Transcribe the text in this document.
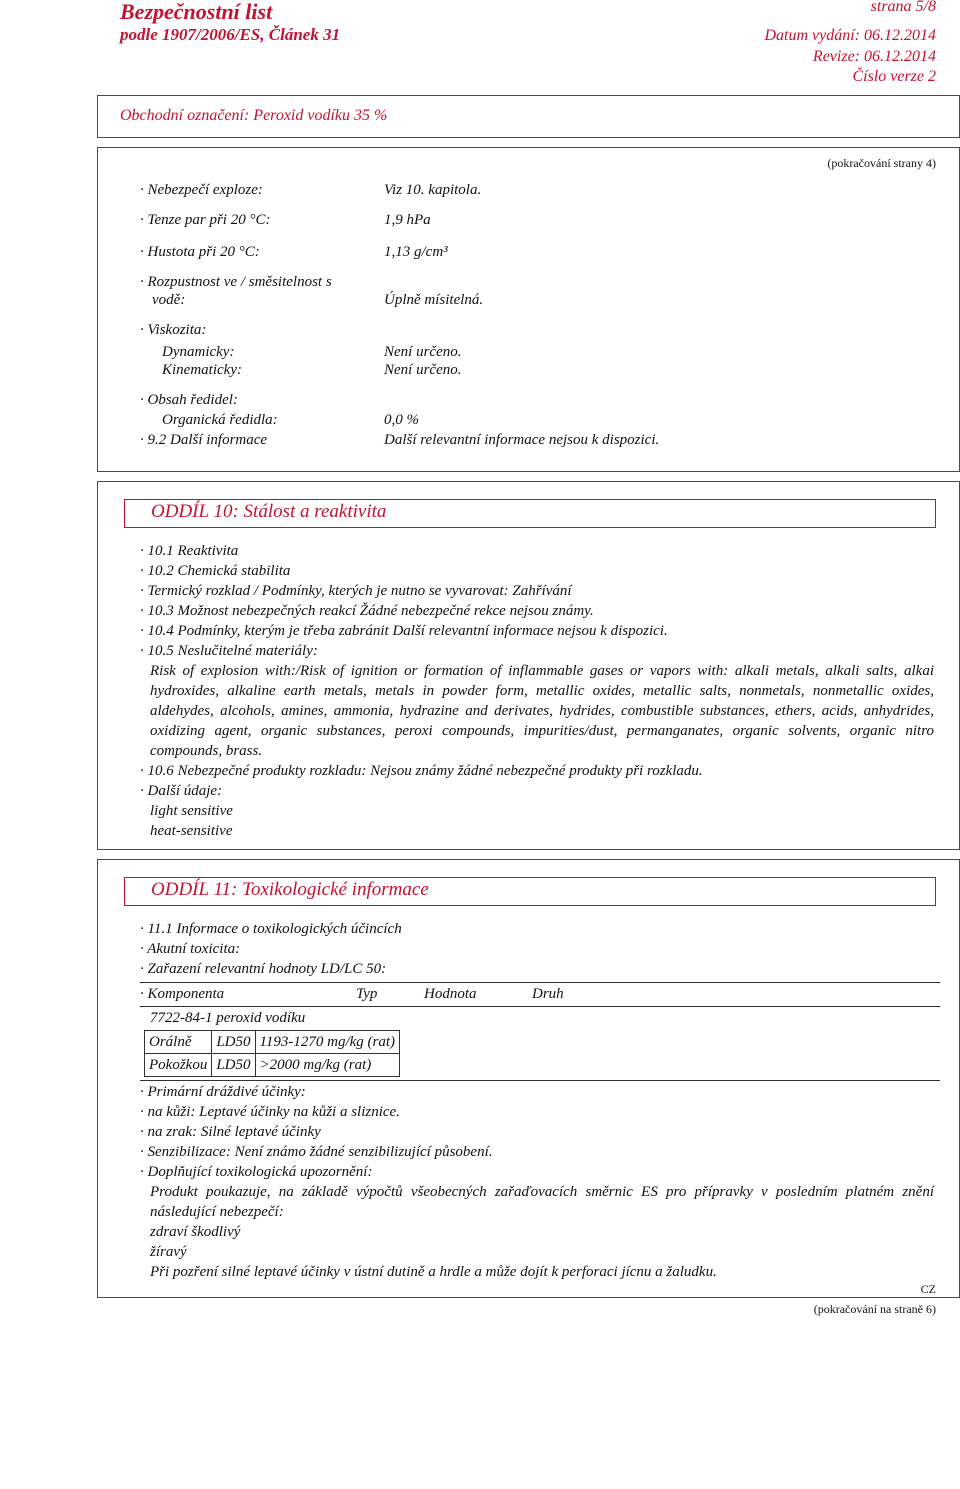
Bezpečnostní list
podle 1907/2006/ES, Článek 31
strana 5/8
Datum vydání: 06.12.2014
Revize: 06.12.2014
Číslo verze 2
Obchodní označení: Peroxid vodíku 35 %
(pokračování strany 4)
· Nebezpečí exploze:	Viz 10. kapitola.
· Tenze par při 20 °C:	1,9 hPa
· Hustota při 20 °C:	1,13 g/cm³
· Rozpustnost ve / směsitelnost s
vodě:	Úplně mísitelná.
· Viskozita:
Dynamicky:	Není určeno.
Kinematicky:	Není určeno.
· Obsah ředidel:
Organická ředidla:	0,0 %
· 9.2 Další informace	Další relevantní informace nejsou k dispozici.
ODDÍL 10: Stálost a reaktivita
· 10.1 Reaktivita
· 10.2 Chemická stabilita
· Termický rozklad / Podmínky, kterých je nutno se vyvarovat: Zahřívání
· 10.3 Možnost nebezpečných reakcí Žádné nebezpečné rekce nejsou známy.
· 10.4 Podmínky, kterým je třeba zabránit Další relevantní informace nejsou k dispozici.
· 10.5 Neslučitelné materiály:
Risk of explosion with:/Risk of ignition or formation of inflammable gases or vapors with: alkali metals, alkali salts, alkai hydroxides, alkaline earth metals, metals in powder form, metallic oxides, metallic salts, nonmetals, nonmetallic oxides, aldehydes, alcohols, amines, ammonia, hydrazine and derivates, hydrides, combustible substances, ethers, acids, anhydrides, oxidizing agent, organic substances, peroxi compounds, impurities/dust, permanganates, organic solvents, organic nitro compounds, brass.
· 10.6 Nebezpečné produkty rozkladu: Nejsou známy žádné nebezpečné produkty při rozkladu.
· Další údaje:
light sensitive
heat-sensitive
ODDÍL 11: Toxikologické informace
· 11.1 Informace o toxikologických účincích
· Akutní toxicita:
· Zařazení relevantní hodnoty LD/LC 50:
· Komponenta	Typ	Hodnota	Druh
7722-84-1 peroxid vodíku
Orálně	LD50	1193-1270 mg/kg (rat)
Pokožkou	LD50	>2000 mg/kg (rat)
· Primární dráždivé účinky:
· na kůži: Leptavé účinky na kůži a sliznice.
· na zrak: Silné leptavé účinky
· Senzibilizace: Není známo žádné senzibilizující působení.
· Doplňující toxikologická upozornění:
Produkt poukazuje, na základě výpočtů všeobecných zařaďovacích směrnic ES pro přípravky v posledním platném znění následující nebezpečí:
zdraví škodlivý
žíravý
Při pozření silné leptavé účinky v ústní dutině a hrdle a může dojít k perforaci jícnu a žaludku.
CZ
(pokračování na straně 6)
